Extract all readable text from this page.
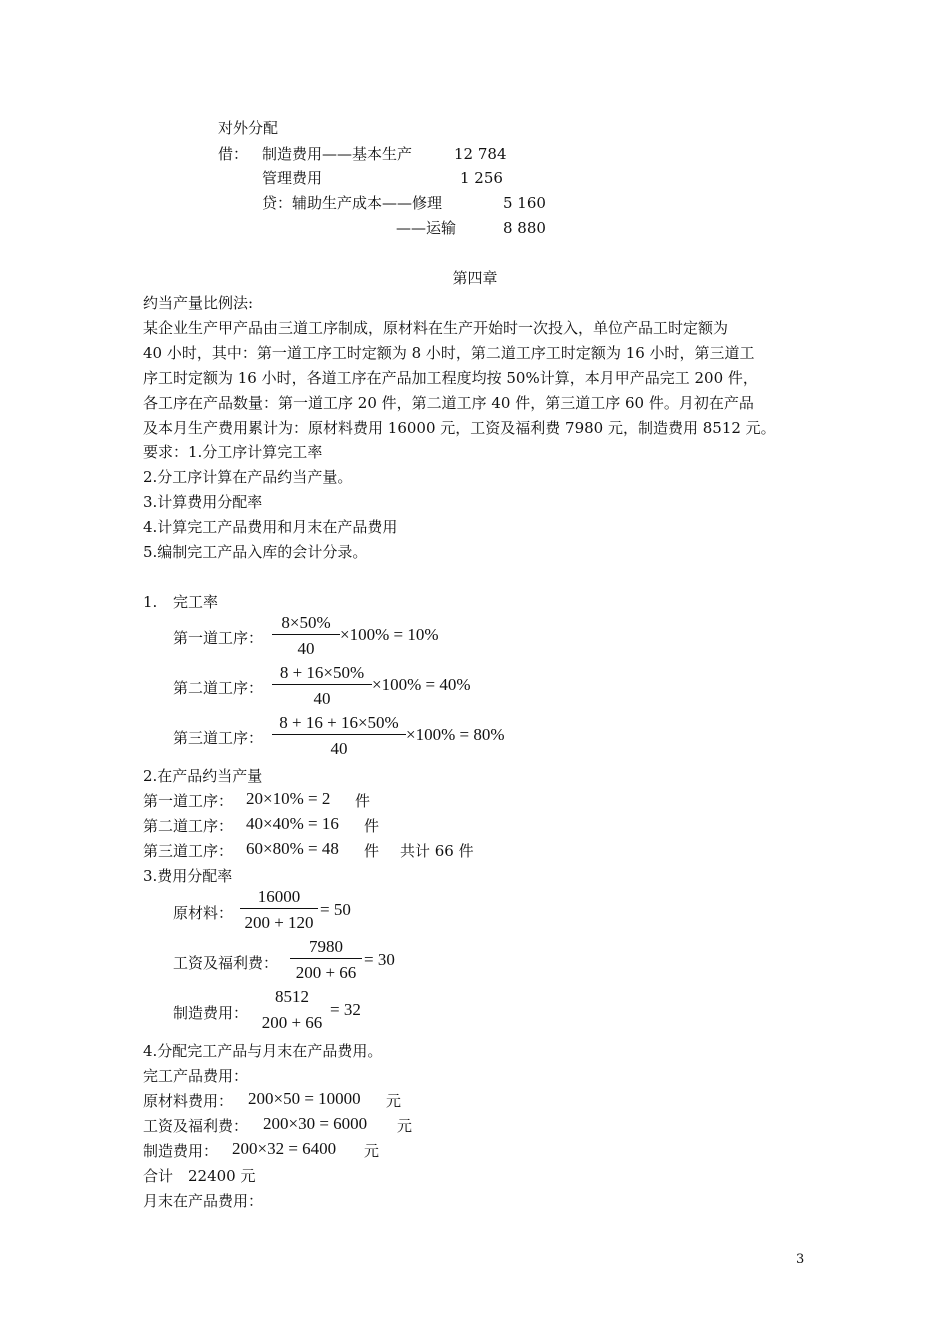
对外分配
借： 制造费用——基本生产	12 784
管理费用	1 256
贷：辅助生产成本——修理	5 160
——运输	8 880
第四章
约当产量比例法:
某企业生产甲产品由三道工序制成，原材料在生产开始时一次投入，单位产品工时定额为
40 小时，其中：第一道工序工时定额为 8 小时，第二道工序工时定额为 16 小时，第三道工
序工时定额为 16 小时，各道工序在产品加工程度均按 50%计算，本月甲产品完工 200 件，
各工序在产品数量：第一道工序 20 件，第二道工序 40 件，第三道工序 60 件。月初在产品
及本月生产费用累计为：原材料费用 16000 元，工资及福利费 7980 元，制造费用 8512 元。
要求：1.分工序计算完工率
2.分工序计算在产品约当产量。
3.计算费用分配率
4.计算完工产品费用和月末在产品费用
5.编制完工产品入库的会计分录。
1. 完工率
第一道工序：
8×50%
40
×100% = 10%
第二道工序：
8 + 16×50%
40
×100% = 40%
第三道工序：
8 + 16 + 16×50%
40
×100% = 80%
2.在产品约当产量
第一道工序： 20×10% = 2 件
第二道工序： 40×40% = 16 件
第三道工序： 60×80% = 48 件 共计 66 件
3.费用分配率
原材料：
16000
200 + 120
= 50
工资及福利费：
7980
200 + 66
= 30
制造费用：
8512
200 + 66
= 32
4.分配完工产品与月末在产品费用。
完工产品费用：
原材料费用： 200×50 = 10000 元
工资及福利费： 200×30 = 6000 元
制造费用： 200×32 = 6400 元
合计　22400 元
月末在产品费用：
3
